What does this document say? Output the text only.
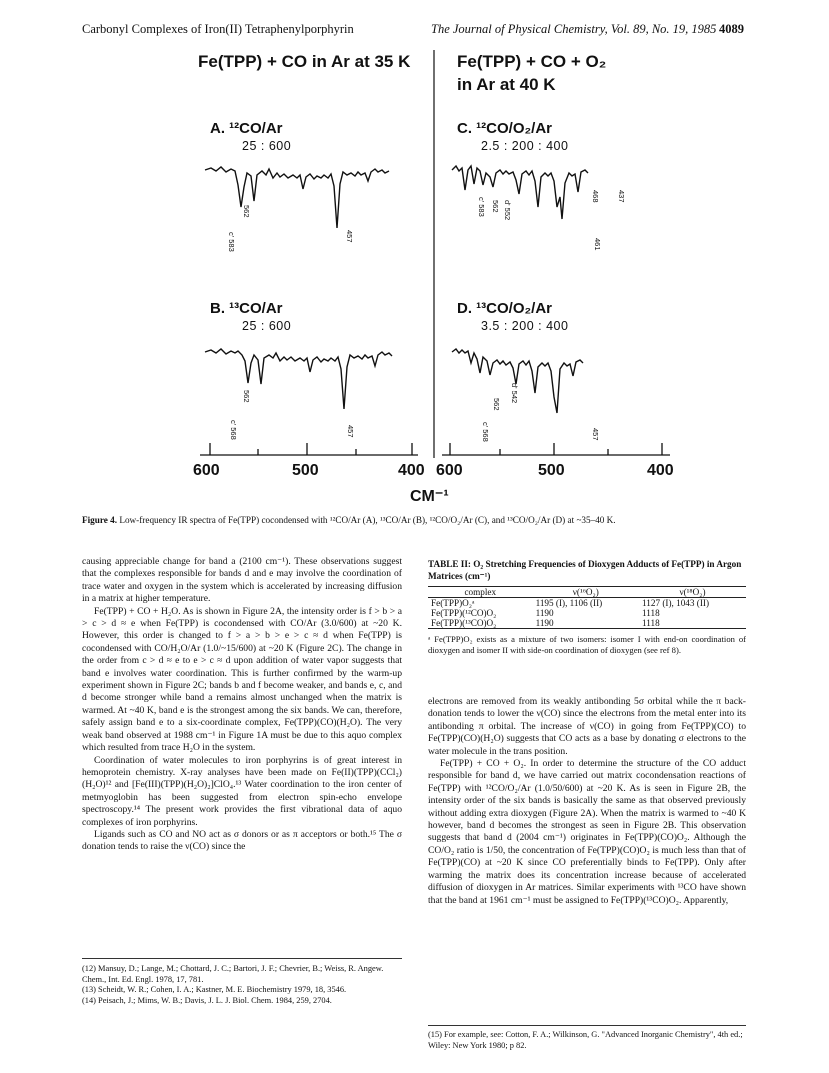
Carbonyl Complexes of Iron(II) Tetraphenylporphyrin	The Journal of Physical Chemistry, Vol. 89, No. 19, 1985 4089
Fe(TPP) + CO in Ar at 35 K	Fe(TPP) + CO + O₂
in Ar at 40 K
A. ¹²CO/Ar
25 : 600
C. ¹²CO/O₂/Ar
2.5 : 200 : 400
B. ¹³CO/Ar
25 : 600
D. ¹³CO/O₂/Ar
3.5 : 200 : 400
562
c' 583	457
562
c' 568	457
c' 583 562 d' 552
468
461
437
d' 542
562
c' 568	457
600	500	400 600	500	400
CM⁻¹
Figure 4. Low-frequency IR spectra of Fe(TPP) cocondensed with ¹²CO/Ar (A), ¹³CO/Ar (B), ¹²CO/O₂/Ar (C), and ¹³CO/O₂/Ar (D) at ~35–40 K.

causing appreciable change for band a (2100 cm⁻¹). These observations suggest that the complexes responsible for bands d and e may involve the coordination of trace water and oxygen in the system which is accelerated by increasing diffusion in a matrix at higher temperature.

Fe(TPP) + CO + H₂O. As is shown in Figure 2A, the intensity order is f > b > a > c > d ≈ e when Fe(TPP) is cocondensed with CO/Ar (3.0/600) at ~20 K. However, this order is changed to f > a > b > e > c ≈ d when Fe(TPP) is cocondensed with CO/H₂O/Ar (1.0/~15/600) at ~20 K (Figure 2C). The change in the order from c > d ≈ e to e > c ≈ d upon addition of water vapor suggests that band e involves water coordination. This is further confirmed by the warm-up experiment shown in Figure 2C; bands b and f become weaker, and bands e, c, and d become stronger while band a remains almost unchanged when the matrix is warmed. At ~40 K, band e is the strongest among the six bands. We can, therefore, safely assign band e to a six-coordinate complex, Fe(TPP)(CO)(H₂O). The very weak band observed at 1988 cm⁻¹ in Figure 1A must be due to this aquo complex which resulted from trace H₂O in the system.

Coordination of water molecules to iron porphyrins is of great interest in hemoprotein chemistry. X-ray analyses have been made on Fe(II)(TPP)(CCl₂)(H₂O)¹² and [Fe(III)(TPP)(H₂O)₂]ClO₄.¹³ Water coordination to the iron center of metmyoglobin has been suggested from electron spin-echo envelope spectroscopy.¹⁴ The present work provides the first vibrational data of aquo complexes of iron porphyrins.

Ligands such as CO and NO act as σ donors or as π acceptors or both.¹⁵ The σ donation tends to raise the ν(CO) since the

(12) Mansuy, D.; Lange, M.; Chottard, J. C.; Bartori, J. F.; Chevrier, B.; Weiss, R. Angew. Chem., Int. Ed. Engl. 1978, 17, 781.
(13) Scheidt, W. R.; Cohen, I. A.; Kastner, M. E. Biochemistry 1979, 18, 3546.
(14) Peisach, J.; Mims, W. B.; Davis, J. L. J. Biol. Chem. 1984, 259, 2704.
TABLE II: O₂ Stretching Frequencies of Dioxygen Adducts of Fe(TPP) in Argon Matrices (cm⁻¹)
complex	ν(¹⁶O₂)	ν(¹⁸O₂)
Fe(TPP)O₂ᵃ	1195 (I), 1106 (II)	1127 (I), 1043 (II)
Fe(TPP)(¹²CO)O₂	1190	1118
Fe(TPP)(¹³CO)O₂	1190	1118
ᵃ Fe(TPP)O₂ exists as a mixture of two isomers: isomer I with end-on coordination of dioxygen and isomer II with side-on coordination of dioxygen (see ref 8).

electrons are removed from its weakly antibonding 5σ orbital while the π back-donation tends to lower the ν(CO) since the electrons from the metal enter into its antibonding π orbital. The increase of ν(CO) in going from Fe(TPP)(CO) to Fe(TPP)(CO)(H₂O) suggests that CO acts as a base by donating σ electrons to the water molecule in the trans position.

Fe(TPP) + CO + O₂. In order to determine the structure of the CO adduct responsible for band d, we have carried out matrix cocondensation reactions of Fe(TPP) with ¹²CO/O₂/Ar (1.0/50/600) at ~20 K. As is seen in Figure 2B, the intensity order of the six bands is basically the same as that observed previously without adding extra dioxygen (Figure 2A). When the matrix is warmed to ~40 K however, band d becomes the strongest as seen in Figure 2B. This observation suggests that band d (2004 cm⁻¹) originates in Fe(TPP)(CO)O₂. Although the CO/O₂ ratio is 1/50, the concentration of Fe(TPP)(CO)O₂ is much less than that of Fe(TPP)(CO) at ~20 K since CO preferentially binds to Fe(TPP). Only after warming the matrix does its concentration increase because of accelerated diffusion of dioxygen in Ar matrices. Similar experiments with ¹³CO have shown that the band at 1961 cm⁻¹ must be assigned to Fe(TPP)(¹³CO)O₂. Apparently,

(15) For example, see: Cotton, F. A.; Wilkinson, G. "Advanced Inorganic Chemistry", 4th ed.; Wiley: New York 1980; p 82.
